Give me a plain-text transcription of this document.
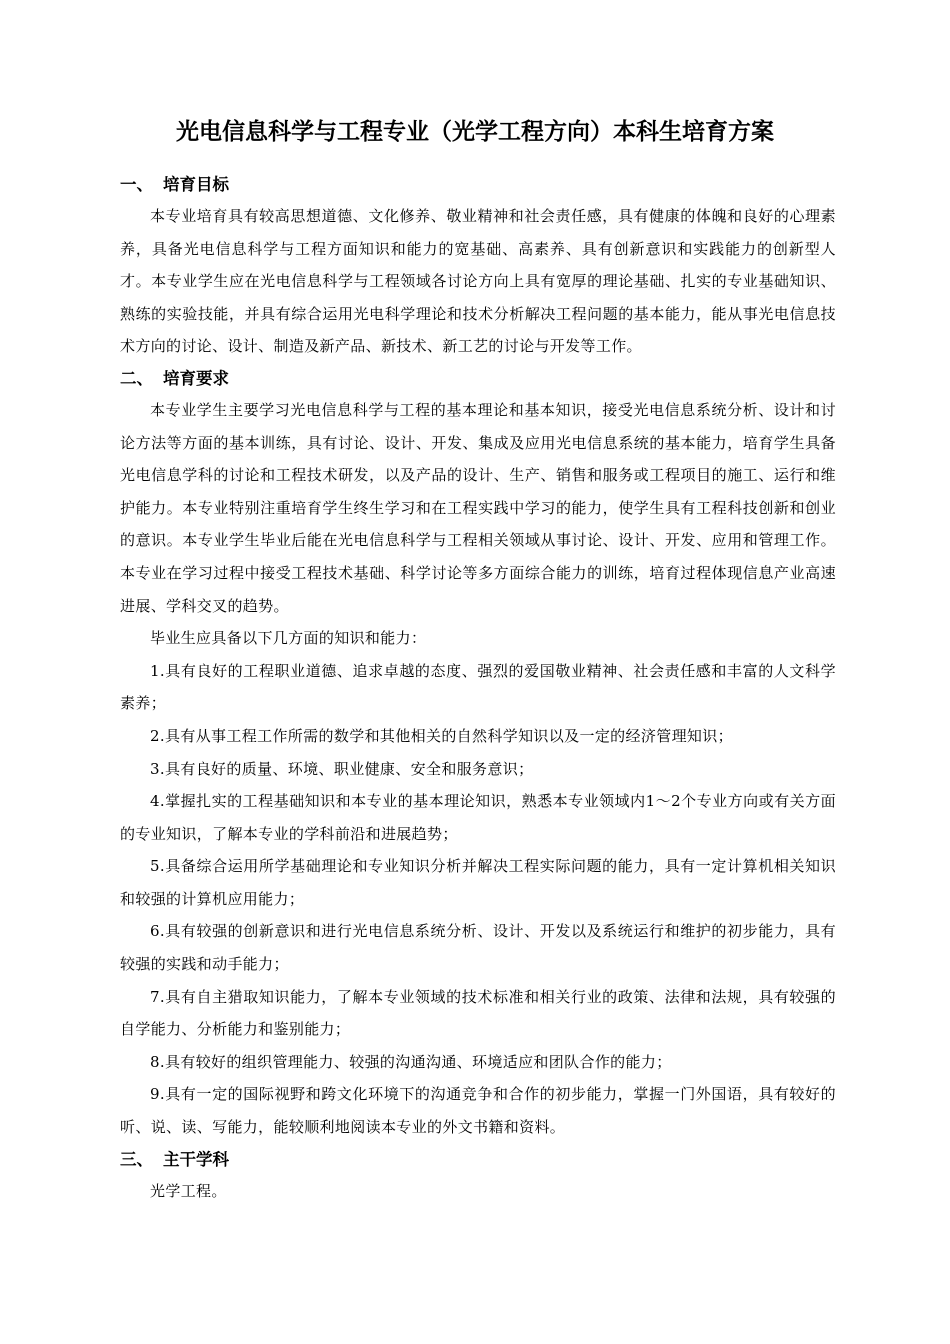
光电信息科学与工程专业（光学工程方向）本科生培育方案
一、 培育目标

本专业培育具有较高思想道德、文化修养、敬业精神和社会责任感，具有健康的体魄和良好的心理素养，具备光电信息科学与工程方面知识和能力的宽基础、高素养、具有创新意识和实践能力的创新型人才。本专业学生应在光电信息科学与工程领域各讨论方向上具有宽厚的理论基础、扎实的专业基础知识、熟练的实验技能，并具有综合运用光电科学理论和技术分析解决工程问题的基本能力，能从事光电信息技术方向的讨论、设计、制造及新产品、新技术、新工艺的讨论与开发等工作。

二、 培育要求

本专业学生主要学习光电信息科学与工程的基本理论和基本知识，接受光电信息系统分析、设计和讨论方法等方面的基本训练，具有讨论、设计、开发、集成及应用光电信息系统的基本能力，培育学生具备光电信息学科的讨论和工程技术研发，以及产品的设计、生产、销售和服务或工程项目的施工、运行和维护能力。本专业特别注重培育学生终生学习和在工程实践中学习的能力，使学生具有工程科技创新和创业的意识。本专业学生毕业后能在光电信息科学与工程相关领域从事讨论、设计、开发、应用和管理工作。本专业在学习过程中接受工程技术基础、科学讨论等多方面综合能力的训练，培育过程体现信息产业高速进展、学科交叉的趋势。

毕业生应具备以下几方面的知识和能力：

1.具有良好的工程职业道德、追求卓越的态度、强烈的爱国敬业精神、社会责任感和丰富的人文科学素养；

2.具有从事工程工作所需的数学和其他相关的自然科学知识以及一定的经济管理知识；

3.具有良好的质量、环境、职业健康、安全和服务意识；

4.掌握扎实的工程基础知识和本专业的基本理论知识，熟悉本专业领域内1～2个专业方向或有关方面的专业知识，了解本专业的学科前沿和进展趋势；

5.具备综合运用所学基础理论和专业知识分析并解决工程实际问题的能力，具有一定计算机相关知识和较强的计算机应用能力；

6.具有较强的创新意识和进行光电信息系统分析、设计、开发以及系统运行和维护的初步能力，具有较强的实践和动手能力；

7.具有自主猎取知识能力，了解本专业领域的技术标准和相关行业的政策、法律和法规，具有较强的自学能力、分析能力和鉴别能力；

8.具有较好的组织管理能力、较强的沟通沟通、环境适应和团队合作的能力；

9.具有一定的国际视野和跨文化环境下的沟通竞争和合作的初步能力，掌握一门外国语，具有较好的听、说、读、写能力，能较顺利地阅读本专业的外文书籍和资料。

三、 主干学科

光学工程。
